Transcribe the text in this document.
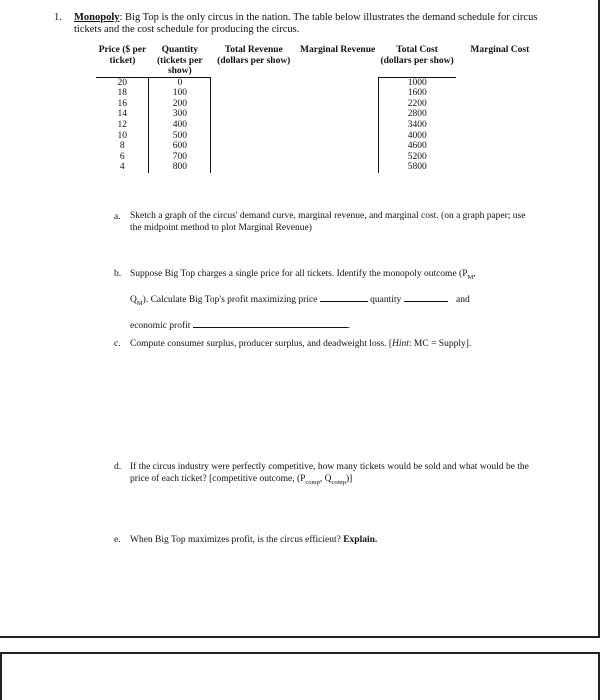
1. Monopoly: Big Top is the only circus in the nation. The table below illustrates the demand schedule for circus tickets and the cost schedule for producing the circus.
Price ($ per ticket)	Quantity (tickets per show)	Total Revenue (dollars per show)	Marginal Revenue	Total Cost (dollars per show)	Marginal Cost
20	0			1000	
18	100			1600	
16	200			2200	
14	300			2800	
12	400			3400	
10	500			4000	
8	600			4600	
6	700			5200	
4	800			5800	
a. Sketch a graph of the circus' demand curve, marginal revenue, and marginal cost. (on a graph paper; use the midpoint method to plot Marginal Revenue)
b. Suppose Big Top charges a single price for all tickets. Identify the monopoly outcome ($P_M$,
$Q_M$). Calculate Big Top's profit maximizing price	quantity	and
economic profit	.
c. Compute consumer surplus, producer surplus, and deadweight loss. [Hint: MC = Supply].
d. If the circus industry were perfectly competitive, how many tickets would be sold and what would be the price of each ticket? [competitive outcome, ($P_{comp}$, $Q_{comp}$)]
e. When Big Top maximizes profit, is the circus efficient? Explain.
